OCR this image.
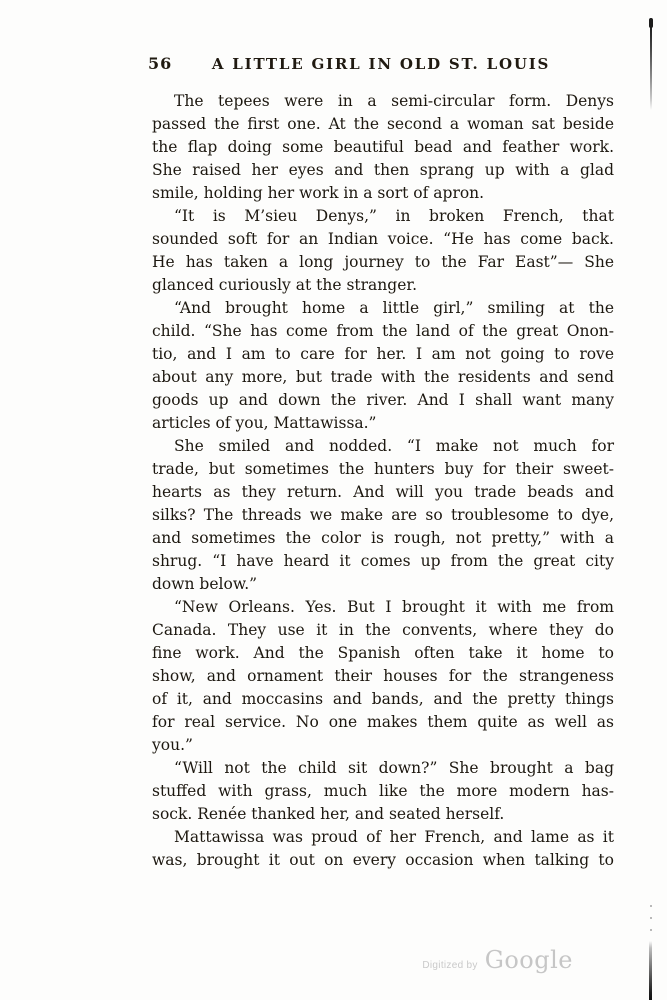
56	A LITTLE GIRL IN OLD ST. LOUIS
The tepees were in a semi-circular form. Denys
passed the first one. At the second a woman sat beside
the flap doing some beautiful bead and feather work.
She raised her eyes and then sprang up with a glad
smile, holding her work in a sort of apron.
“It is M’sieu Denys,” in broken French, that
sounded soft for an Indian voice. “He has come back.
He has taken a long journey to the Far East”— She
glanced curiously at the stranger.
“And brought home a little girl,” smiling at the
child. “She has come from the land of the great Onon-
tio, and I am to care for her. I am not going to rove
about any more, but trade with the residents and send
goods up and down the river. And I shall want many
articles of you, Mattawissa.”
She smiled and nodded. “I make not much for
trade, but sometimes the hunters buy for their sweet-
hearts as they return. And will you trade beads and
silks? The threads we make are so troublesome to dye,
and sometimes the color is rough, not pretty,” with a
shrug. “I have heard it comes up from the great city
down below.”
“New Orleans. Yes. But I brought it with me from
Canada. They use it in the convents, where they do
fine work. And the Spanish often take it home to
show, and ornament their houses for the strangeness
of it, and moccasins and bands, and the pretty things
for real service. No one makes them quite as well as
you.”
“Will not the child sit down?” She brought a bag
stuffed with grass, much like the more modern has-
sock. Renée thanked her, and seated herself.
Mattawissa was proud of her French, and lame as it
was, brought it out on every occasion when talking to
Digitized by Google
